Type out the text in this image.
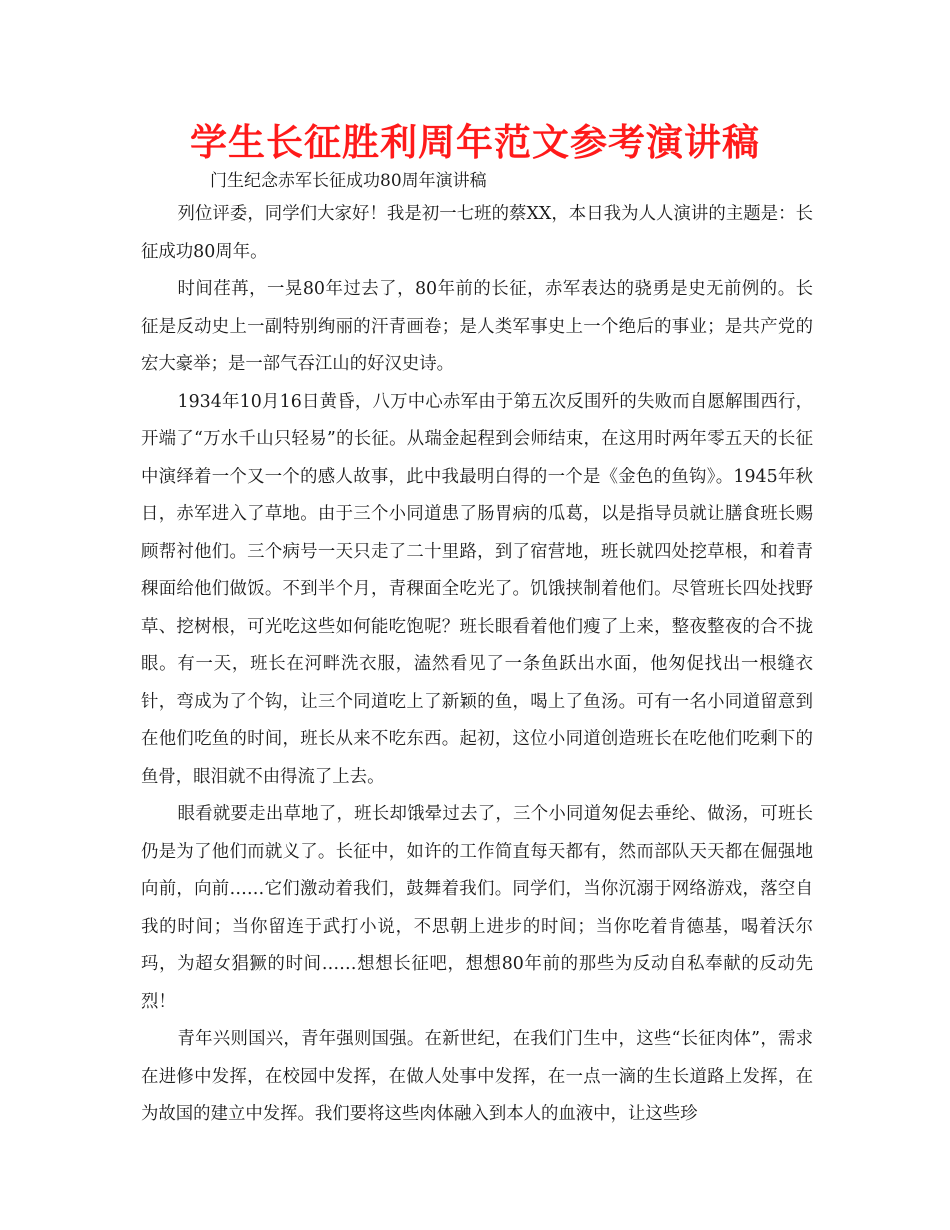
学生长征胜利周年范文参考演讲稿
门生纪念赤军长征成功80周年演讲稿

列位评委，同学们大家好！我是初一七班的蔡XX，本日我为人人演讲的主题是：长征成功80周年。

时间荏苒，一晃80年过去了，80年前的长征，赤军表达的骁勇是史无前例的。长征是反动史上一副特别绚丽的汗青画卷；是人类军事史上一个绝后的事业；是共产党的宏大豪举；是一部气吞江山的好汉史诗。

1934年10月16日黄昏，八万中心赤军由于第五次反围歼的失败而自愿解围西行，开端了“万水千山只轻易”的长征。从瑞金起程到会师结束，在这用时两年零五天的长征中演绎着一个又一个的感人故事，此中我最明白得的一个是《金色的鱼钩》。1945年秋日，赤军进入了草地。由于三个小同道患了肠胃病的瓜葛，以是指导员就让膳食班长赐顾帮衬他们。三个病号一天只走了二十里路，到了宿营地，班长就四处挖草根，和着青稞面给他们做饭。不到半个月，青稞面全吃光了。饥饿挟制着他们。尽管班长四处找野草、挖树根，可光吃这些如何能吃饱呢？班长眼看着他们瘦了上来，整夜整夜的合不拢眼。有一天，班长在河畔洗衣服，溘然看见了一条鱼跃出水面，他匆促找出一根缝衣针，弯成为了个钩，让三个同道吃上了新颖的鱼，喝上了鱼汤。可有一名小同道留意到在他们吃鱼的时间，班长从来不吃东西。起初，这位小同道创造班长在吃他们吃剩下的鱼骨，眼泪就不由得流了上去。

眼看就要走出草地了，班长却饿晕过去了，三个小同道匆促去垂纶、做汤，可班长仍是为了他们而就义了。长征中，如许的工作简直每天都有，然而部队天天都在倔强地向前，向前……它们激动着我们，鼓舞着我们。同学们，当你沉溺于网络游戏，落空自我的时间；当你留连于武打小说，不思朝上进步的时间；当你吃着肯德基，喝着沃尔玛，为超女猖獗的时间……想想长征吧，想想80年前的那些为反动自私奉献的反动先烈！

青年兴则国兴，青年强则国强。在新世纪，在我们门生中，这些“长征肉体”，需求在进修中发挥，在校园中发挥，在做人处事中发挥，在一点一滴的生长道路上发挥，在为故国的建立中发挥。我们要将这些肉体融入到本人的血液中，让这些珍
